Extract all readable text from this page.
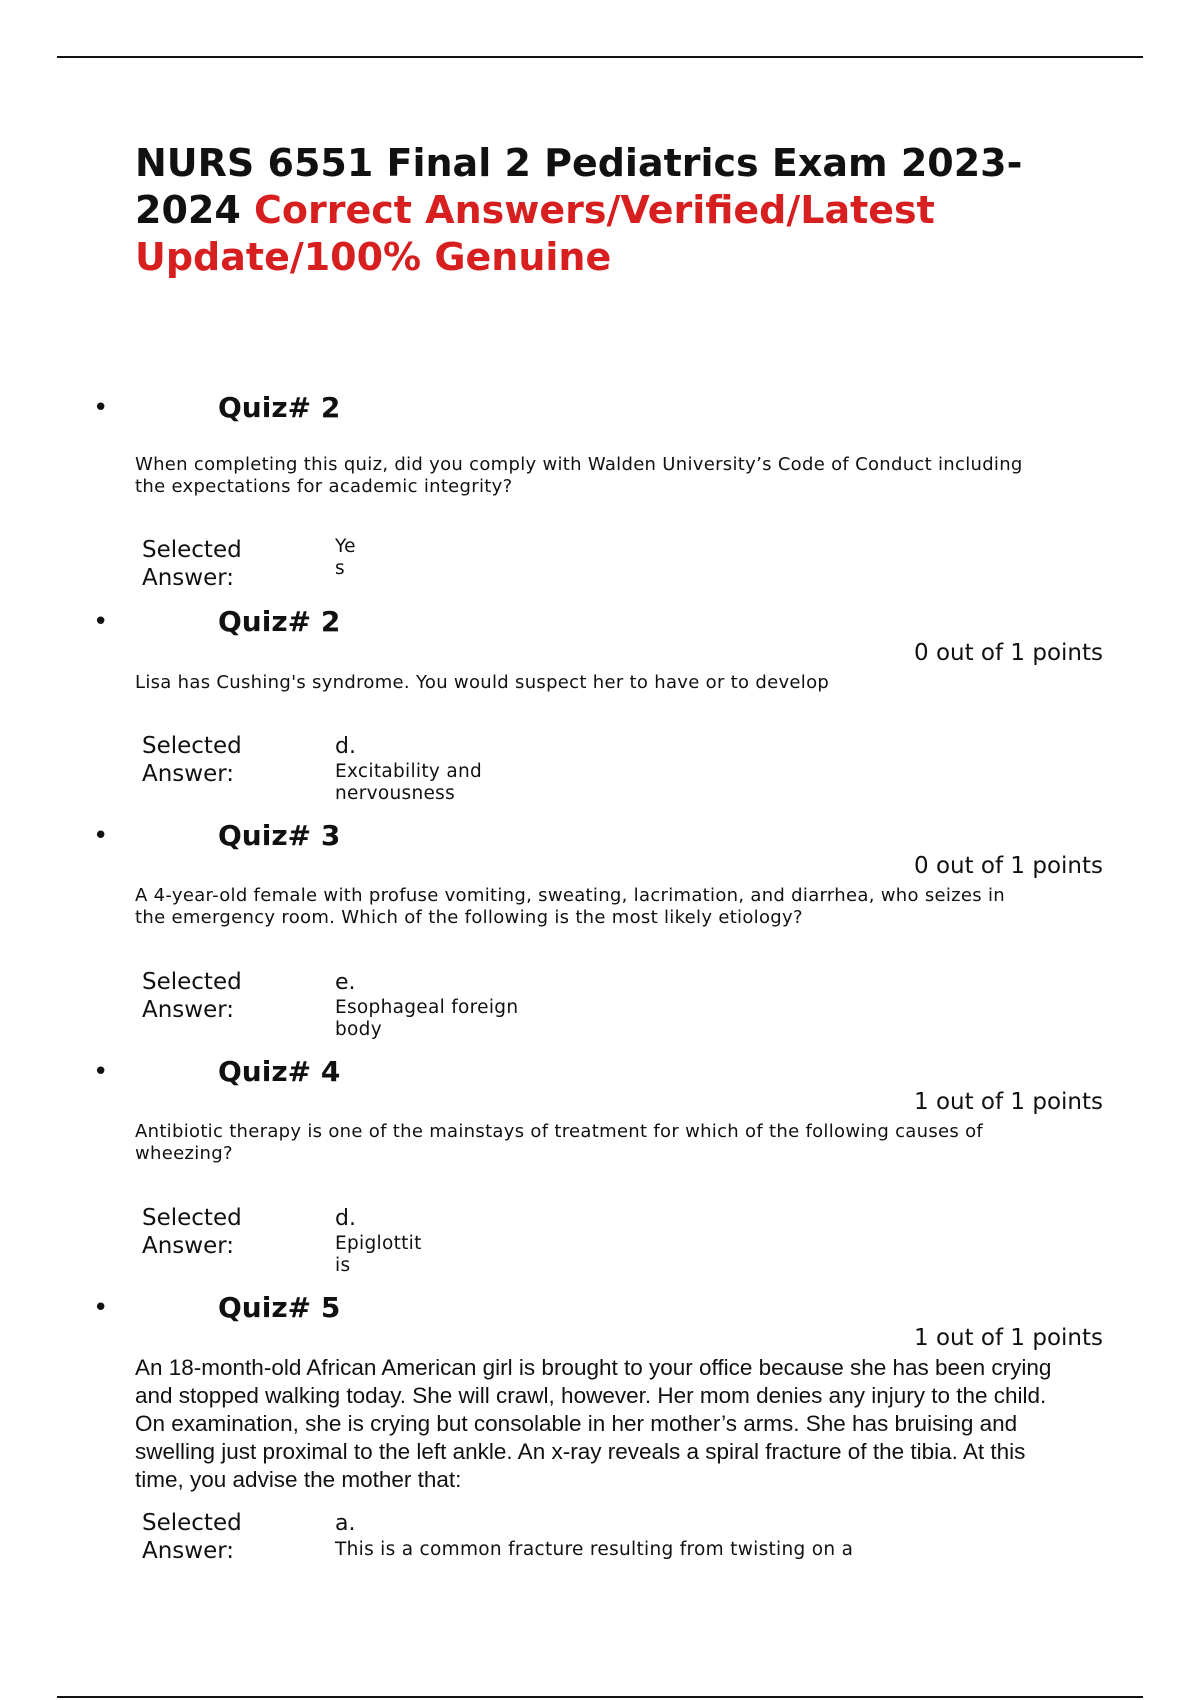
NURS 6551 Final 2 Pediatrics Exam 2023-2024 Correct Answers/Verified/Latest Update/100% Genuine
•	Quiz# 2
When completing this quiz, did you comply with Walden University’s Code of Conduct including the expectations for academic integrity?
Selected
Answer:
Ye
s
•	Quiz# 2
0 out of 1 points
Lisa has Cushing's syndrome. You would suspect her to have or to develop
Selected
Answer:
d.
Excitability and
nervousness
•	Quiz# 3
0 out of 1 points
A 4-year-old female with profuse vomiting, sweating, lacrimation, and diarrhea, who seizes in the emergency room. Which of the following is the most likely etiology?
Selected
Answer:
e.
Esophageal foreign
body
•	Quiz# 4
1 out of 1 points
Antibiotic therapy is one of the mainstays of treatment for which of the following causes of wheezing?
Selected
Answer:
d.
Epiglottit
is
•	Quiz# 5
1 out of 1 points
An 18-month-old African American girl is brought to your office because she has been crying and stopped walking today. She will crawl, however. Her mom denies any injury to the child. On examination, she is crying but consolable in her mother’s arms. She has bruising and swelling just proximal to the left ankle. An x-ray reveals a spiral fracture of the tibia. At this time, you advise the mother that:
Selected
Answer:
a.
This is a common fracture resulting from twisting on a
